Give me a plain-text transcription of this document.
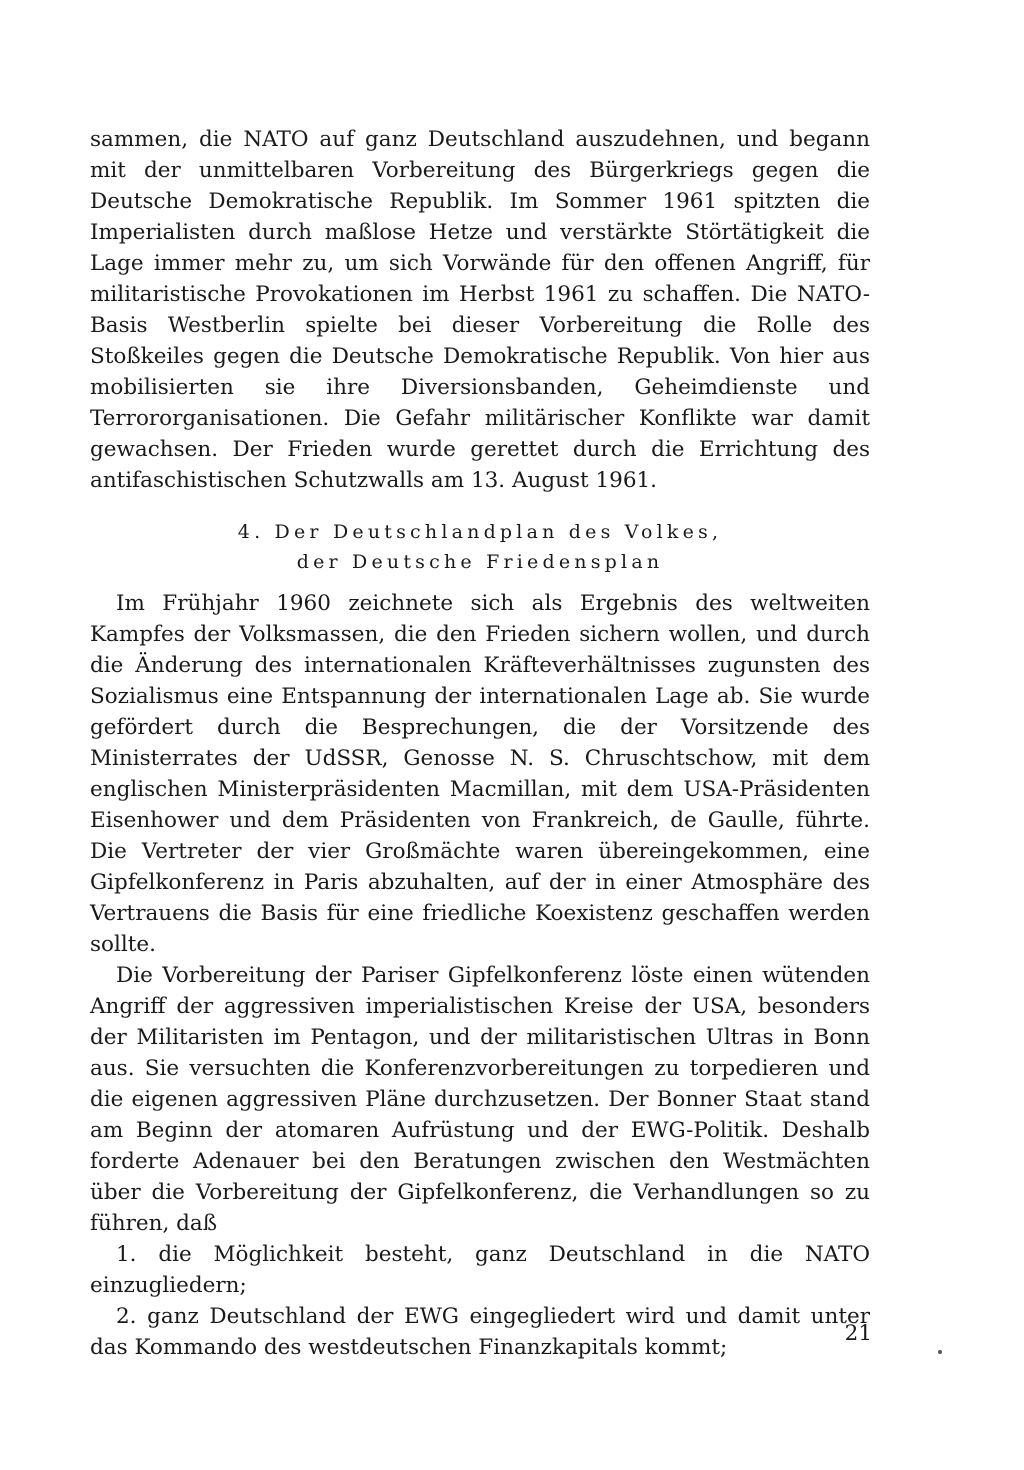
sammen, die NATO auf ganz Deutschland auszudehnen, und begann mit der unmittelbaren Vorbereitung des Bürgerkriegs gegen die Deutsche Demokratische Republik. Im Sommer 1961 spitzten die Imperialisten durch maßlose Hetze und verstärkte Störtätigkeit die Lage immer mehr zu, um sich Vorwände für den offenen Angriff, für militaristische Provokationen im Herbst 1961 zu schaffen. Die NATO-Basis Westberlin spielte bei dieser Vorbereitung die Rolle des Stoßkeiles gegen die Deutsche Demokratische Republik. Von hier aus mobilisierten sie ihre Diversionsbanden, Geheimdienste und Terrororganisationen. Die Gefahr militärischer Konflikte war damit gewachsen. Der Frieden wurde gerettet durch die Errichtung des antifaschistischen Schutzwalls am 13. August 1961.

4. Der Deutschlandplan des Volkes,
der Deutsche Friedensplan

Im Frühjahr 1960 zeichnete sich als Ergebnis des weltweiten Kampfes der Volksmassen, die den Frieden sichern wollen, und durch die Änderung des internationalen Kräfteverhältnisses zugunsten des Sozialismus eine Entspannung der internationalen Lage ab. Sie wurde gefördert durch die Besprechungen, die der Vorsitzende des Ministerrates der UdSSR, Genosse N. S. Chruschtschow, mit dem englischen Ministerpräsidenten Macmillan, mit dem USA-Präsidenten Eisenhower und dem Präsidenten von Frankreich, de Gaulle, führte. Die Vertreter der vier Großmächte waren übereingekommen, eine Gipfelkonferenz in Paris abzuhalten, auf der in einer Atmosphäre des Vertrauens die Basis für eine friedliche Koexistenz geschaffen werden sollte.

Die Vorbereitung der Pariser Gipfelkonferenz löste einen wütenden Angriff der aggressiven imperialistischen Kreise der USA, besonders der Militaristen im Pentagon, und der militaristischen Ultras in Bonn aus. Sie versuchten die Konferenzvorbereitungen zu torpedieren und die eigenen aggressiven Pläne durchzusetzen. Der Bonner Staat stand am Beginn der atomaren Aufrüstung und der EWG-Politik. Deshalb forderte Adenauer bei den Beratungen zwischen den Westmächten über die Vorbereitung der Gipfelkonferenz, die Verhandlungen so zu führen, daß

1. die Möglichkeit besteht, ganz Deutschland in die NATO einzugliedern;

2. ganz Deutschland der EWG eingegliedert wird und damit unter das Kommando des westdeutschen Finanzkapitals kommt;

21
